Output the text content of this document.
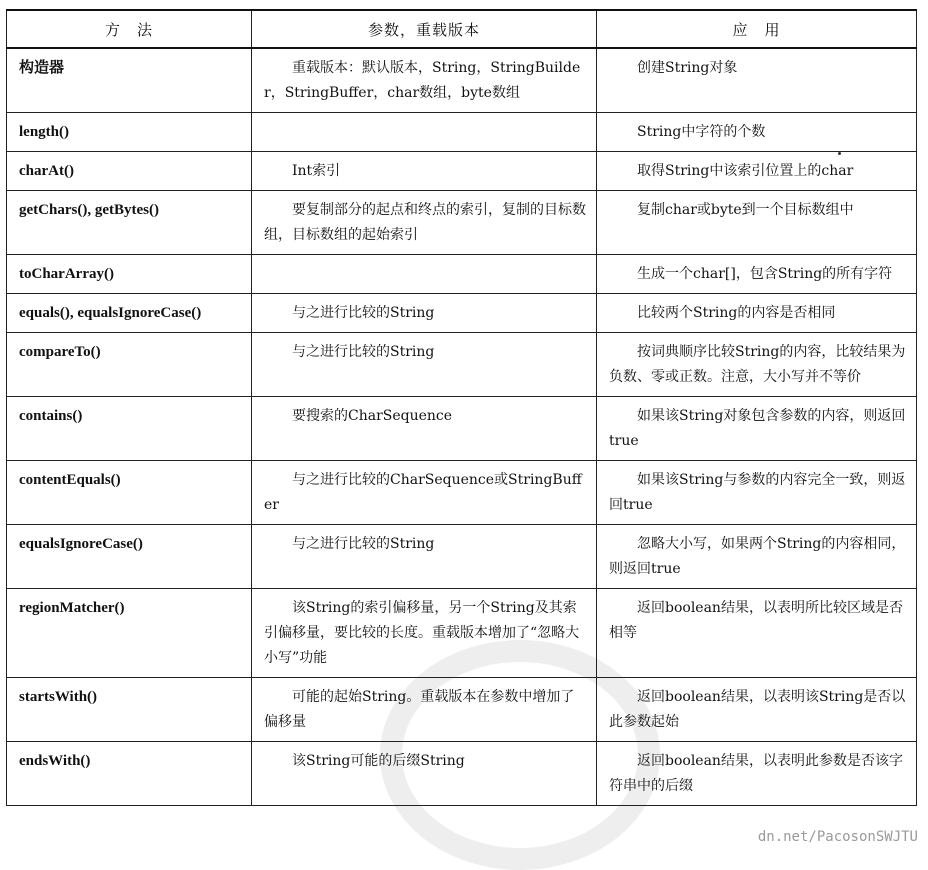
方　法	参数，重载版本	应　用
构造器	重载版本：默认版本，String，StringBuilder，StringBuffer，char数组，byte数组	创建String对象
length()		String中字符的个数
charAt()	Int索引	取得String中该索引位置上的char
getChars(), getBytes()	要复制部分的起点和终点的索引，复制的目标数组，目标数组的起始索引	复制char或byte到一个目标数组中
toCharArray()		生成一个char[]，包含String的所有字符
equals(), equalsIgnoreCase()	与之进行比较的String	比较两个String的内容是否相同
compareTo()	与之进行比较的String	按词典顺序比较String的内容，比较结果为负数、零或正数。注意，大小写并不等价
contains()	要搜索的CharSequence	如果该String对象包含参数的内容，则返回true
contentEquals()	与之进行比较的CharSequence或StringBuffer	如果该String与参数的内容完全一致，则返回true
equalsIgnoreCase()	与之进行比较的String	忽略大小写，如果两个String的内容相同，则返回true
regionMatcher()	该String的索引偏移量，另一个String及其索引偏移量，要比较的长度。重载版本增加了“忽略大小写”功能	返回boolean结果，以表明所比较区域是否相等
startsWith()	可能的起始String。重载版本在参数中增加了偏移量	返回boolean结果，以表明该String是否以此参数起始
endsWith()	该String可能的后缀String	返回boolean结果，以表明此参数是否该字符串中的后缀
dn.net/PacosonSWJTU
